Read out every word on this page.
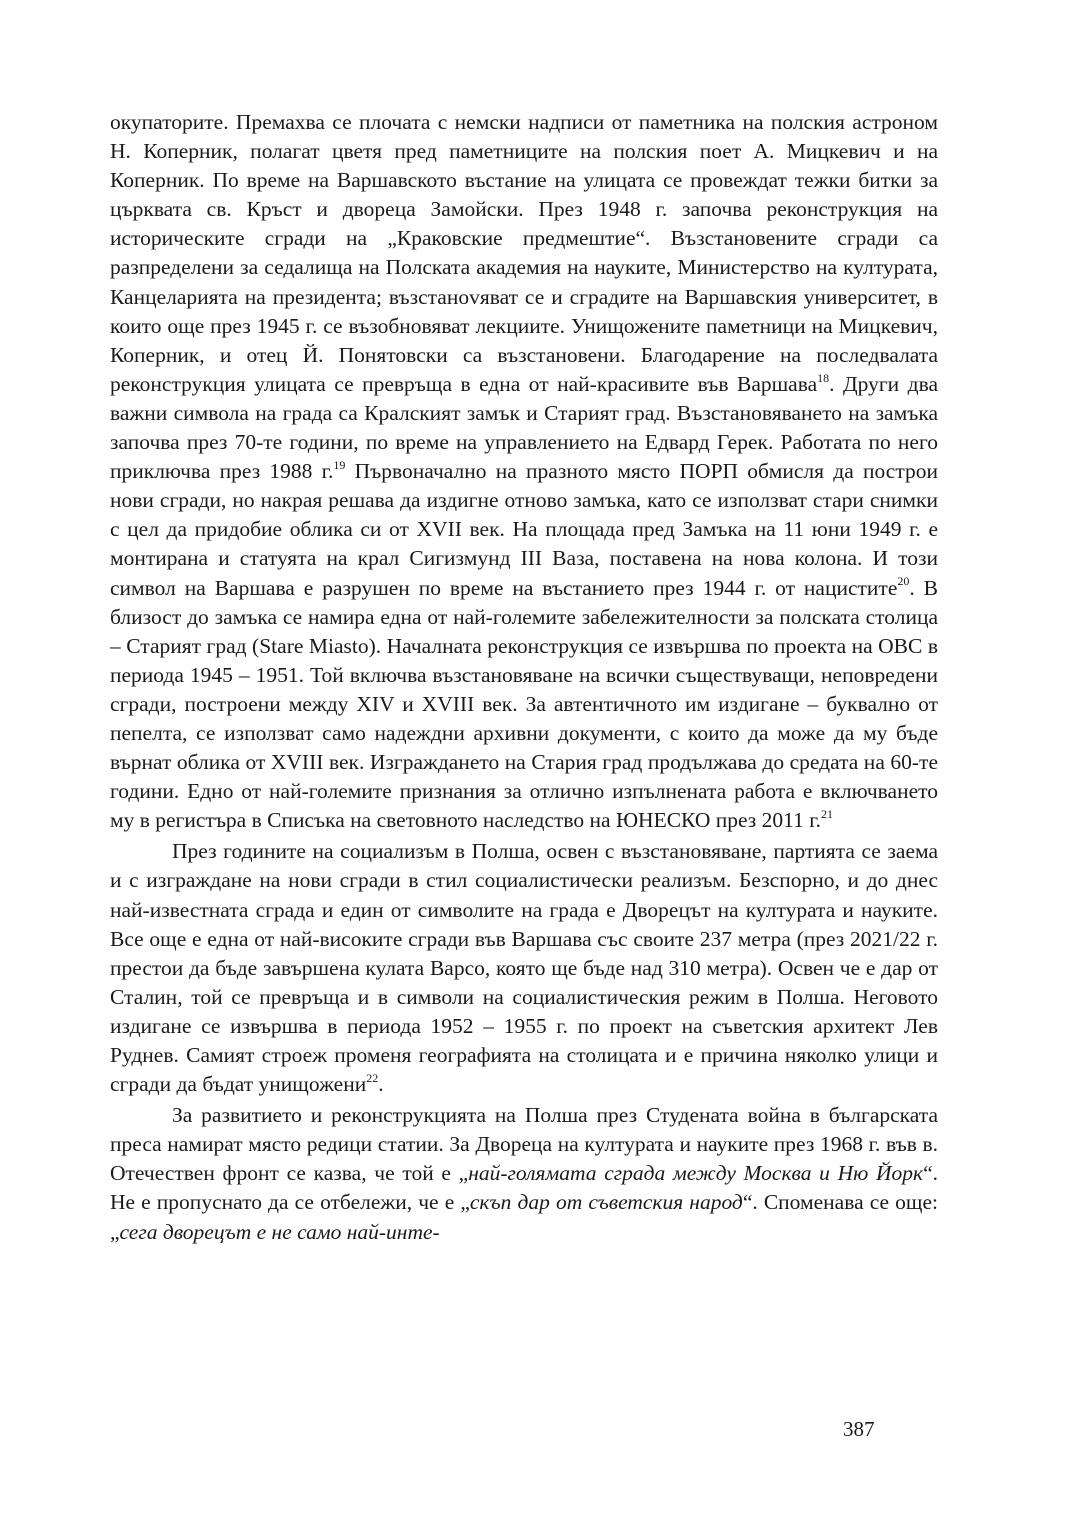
окупаторите. Премахва се плочата с немски надписи от паметника на полския астроном Н. Коперник, полагат цветя пред паметниците на полския поет А. Мицкевич и на Коперник. По време на Варшавското въстание на улицата се провеждат тежки битки за църквата св. Кръст и двореца Замойски. През 1948 г. започва реконструкция на историческите сгради на „Краковские предмештие“. Възстановените сгради са разпределени за седалища на Полската академия на науките, Министерство на културата, Канцеларията на президента; възстаноvяват се и сградите на Варшавския университет, в които още през 1945 г. се възобновяват лекциите. Унищожените паметници на Мицкевич, Коперник, и отец Й. Понятовски са възстановени. Благодарение на последвалата реконструкция улицата се превръща в една от най-красивите във Варшава$^{18}$. Други два важни символа на града са Кралският замък и Старият град. Възстановяването на замъка започва през 70-те години, по време на управлението на Едвард Герек. Работата по него приключва през 1988 г.$^{19}$ Първоначално на празното място ПОРП обмисля да построи нови сгради, но накрая решава да издигне отново замъка, като се използват стари снимки с цел да придобие облика си от XVII век. На площада пред Замъка на 11 юни 1949 г. е монтирана и статуята на крал Сигизмунд III Ваза, поставена на нова колона. И този символ на Варшава е разрушен по време на въстанието през 1944 г. от нацистите$^{20}$. В близост до замъка се намира една от най-големите забележителности за полската столица – Старият град (Stare Miasto). Началната реконструкция се извършва по проекта на ОВС в периода 1945 – 1951. Той включва възстановяване на всички съществуващи, неповредени сгради, построени между XIV и XVIII век. За автентичното им издигане – буквално от пепелта, се използват само надеждни архивни документи, с които да може да му бъде върнат облика от XVIII век. Изграждането на Стария град продължава до средата на 60-те години. Едно от най-големите признания за отлично изпълнената работа е включването му в регистъра в Списъка на световното наследство на ЮНЕСКО през 2011 г.$^{21}$

През годините на социализъм в Полша, освен с възстановяване, партията се заема и с изграждане на нови сгради в стил социалистически реализъм. Безспорно, и до днес най-известната сграда и един от символите на града е Дворецът на културата и науките. Все още е една от най-високите сгради във Варшава със своите 237 метра (през 2021/22 г. престои да бъде завършена кулата Варсо, която ще бъде над 310 метра). Освен че е дар от Сталин, той се превръща и в символи на социалистическия режим в Полша. Неговото издигане се извършва в периода 1952 – 1955 г. по проект на съветския архитект Лев Руднев. Самият строеж променя географията на столицата и е причина няколко улици и сгради да бъдат унищожени$^{22}$.

За развитието и реконструкцията на Полша през Студената война в българската преса намират място редици статии. За Двореца на културата и науките през 1968 г. във в. Отечествен фронт се казва, че той е „най-голямата сграда между Москва и Ню Йорк“. Не е пропуснато да се отбележи, че е „скъп дар от съветския народ“. Споменава се още: „сега дворецът е не само най-инте-

387
